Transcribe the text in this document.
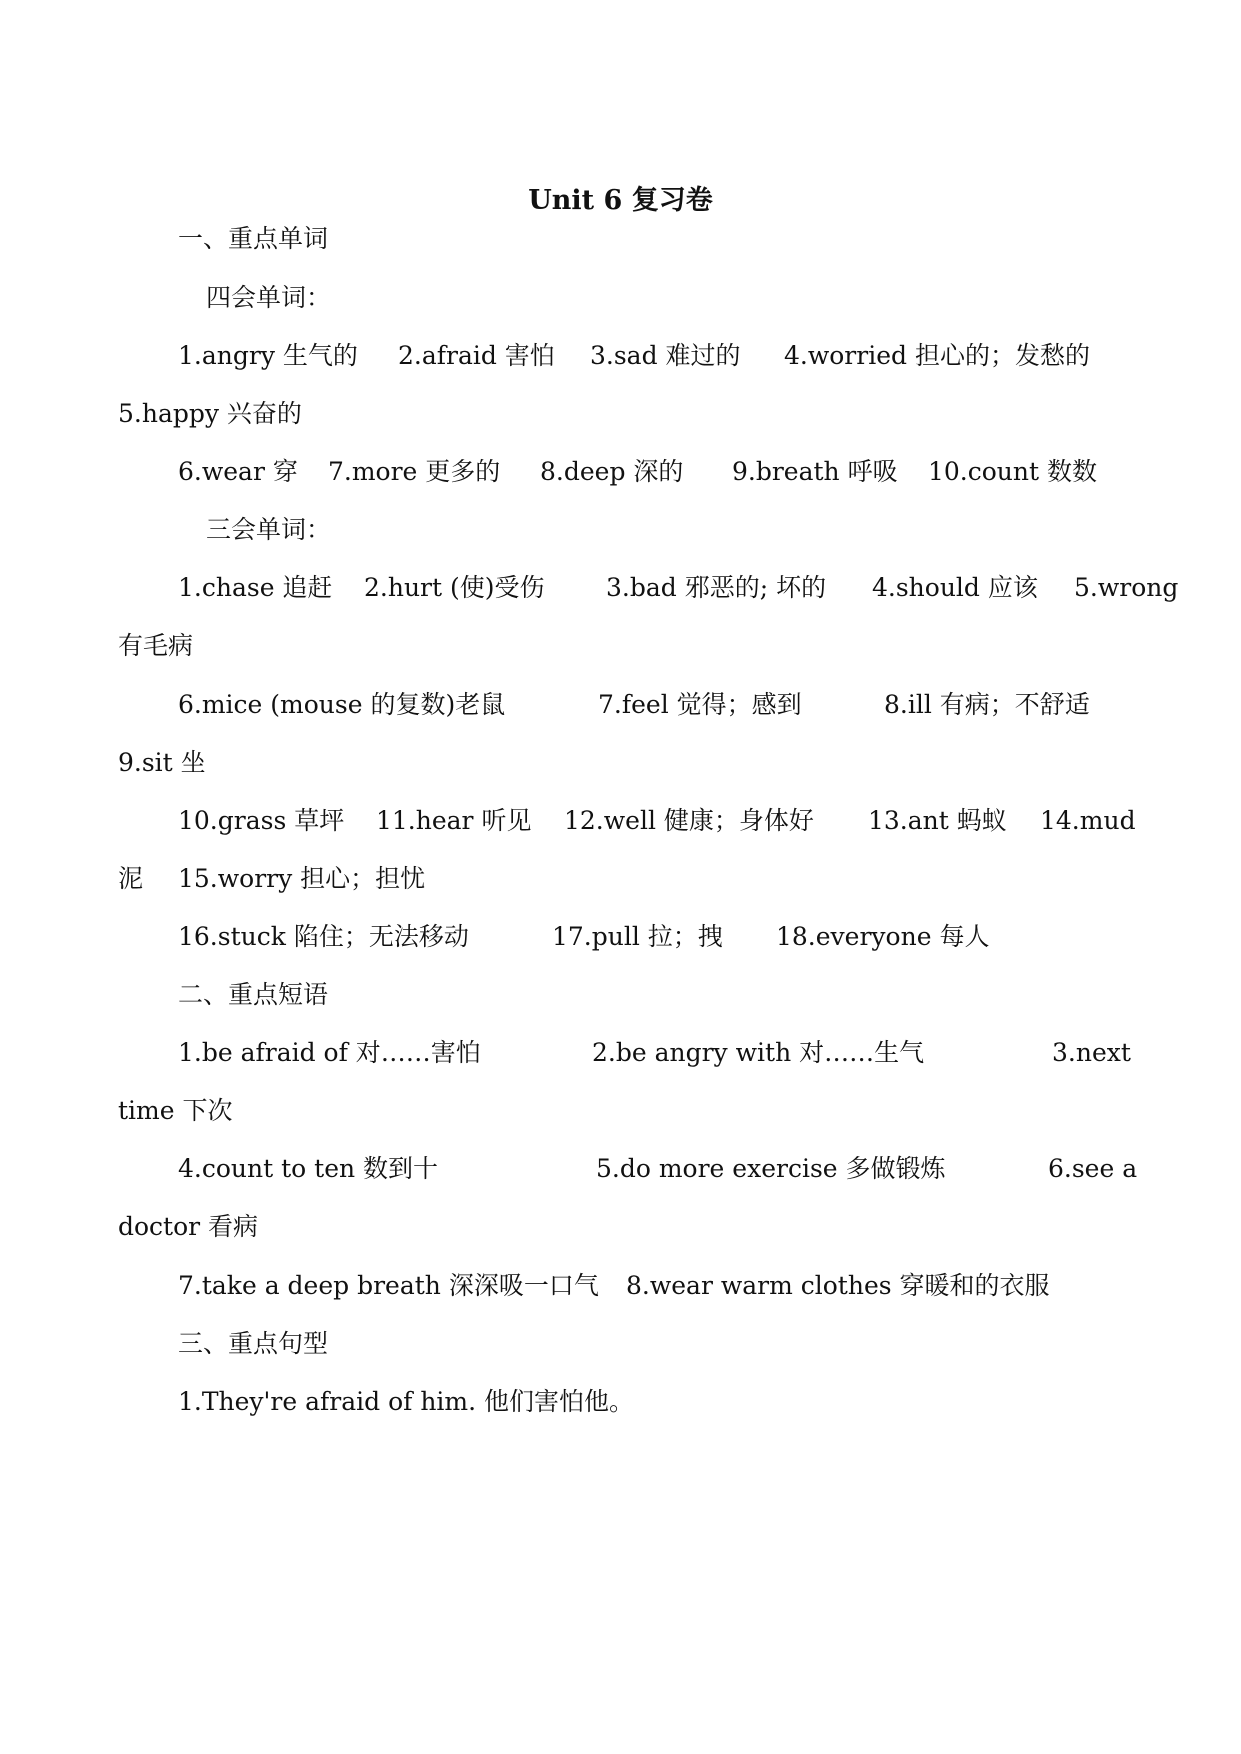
Unit 6 复习卷
一、重点单词
四会单词：
1.angry 生气的 2.afraid 害怕 3.sad 难过的 4.worried 担心的；发愁的
5.happy 兴奋的
6.wear 穿 7.more 更多的 8.deep 深的 9.breath 呼吸 10.count 数数
三会单词：
1.chase 追赶 2.hurt (使)受伤 3.bad 邪恶的; 坏的 4.should 应该 5.wrong
有毛病
6.mice (mouse 的复数)老鼠	7.feel 觉得；感到	8.ill 有病；不舒适
9.sit 坐
10.grass 草坪 11.hear 听见 12.well 健康；身体好 13.ant 蚂蚁 14.mud
泥 15.worry 担心；担忧
16.stuck 陷住；无法移动	17.pull 拉；拽 18.everyone 每人
二、重点短语
1.be afraid of 对……害怕	2.be angry with 对……生气	3.next
time 下次
4.count to ten 数到十	5.do more exercise 多做锻炼	6.see a
doctor 看病
7.take a deep breath 深深吸一口气 8.wear warm clothes 穿暖和的衣服
三、重点句型
1.They're afraid of him. 他们害怕他。
